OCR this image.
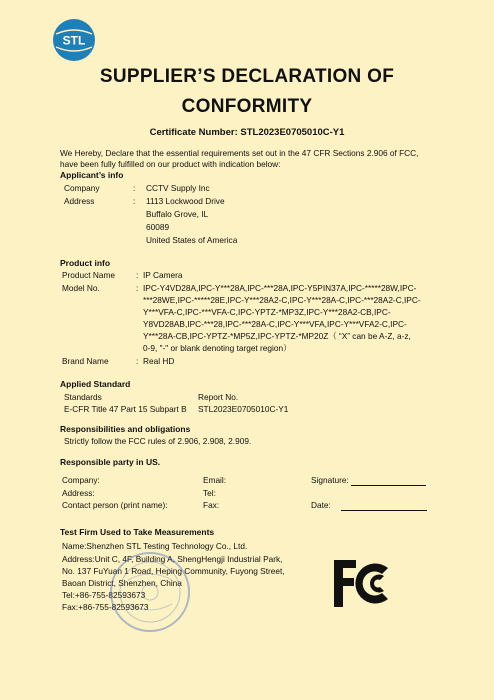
STL
SUPPLIER’S DECLARATION OF
CONFORMITY
Certificate Number: STL2023E0705010C-Y1
We Hereby, Declare that the essential requirements set out in the 47 CFR Sections 2.906 of FCC,
have been fully fulfilled on our product with indication below:
Applicant’s info
Company	: CCTV Supply Inc
Address	: 1113 Lockwood Drive
Buffalo Grove, IL
60089
United States of America
Product info
Product Name	: IP Camera
Model No.	: IPC-Y4VD28A,IPC-Y***28A,IPC-***28A,IPC-Y5PIN37A,IPC-*****28W,IPC-
***28WE,IPC-*****28E,IPC-Y***28A2-C,IPC-Y***28A-C,IPC-***28A2-C,IPC-
Y***VFA-C,IPC-***VFA-C,IPC-YPTZ-*MP3Z,IPC-Y***28A2-CB,IPC-
Y8VD28AB,IPC-***28,IPC-***28A-C,IPC-Y***VFA,IPC-Y***VFA2-C,IPC-
Y***28A-CB,IPC-YPTZ-*MP5Z,IPC-YPTZ-*MP20Z（ “X” can be A-Z, a-z,
0-9, "-" or blank denoting target region）
Brand Name	: Real HD
Applied Standard
Standards	Report No.
E-CFR Title 47 Part 15 Subpart B STL2023E0705010C-Y1
Responsibilities and obligations
Strictly follow the FCC rules of 2.906, 2.908, 2.909.
Responsible party in US.
Company:
Address:
Contact person (print name):
Email:
Tel:
Fax:
Signature:
Date:
Test Firm Used to Take Measurements
Name:Shenzhen STL Testing Technology Co., Ltd.
Address:Unit C, 4F, Building A, ShengHengji Industrial Park,
No. 137 FuYuan 1 Road, Heping Community, Fuyong Street,
Baoan District, Shenzhen, China
Tel:+86-755-82593673
Fax:+86-755-82593673
